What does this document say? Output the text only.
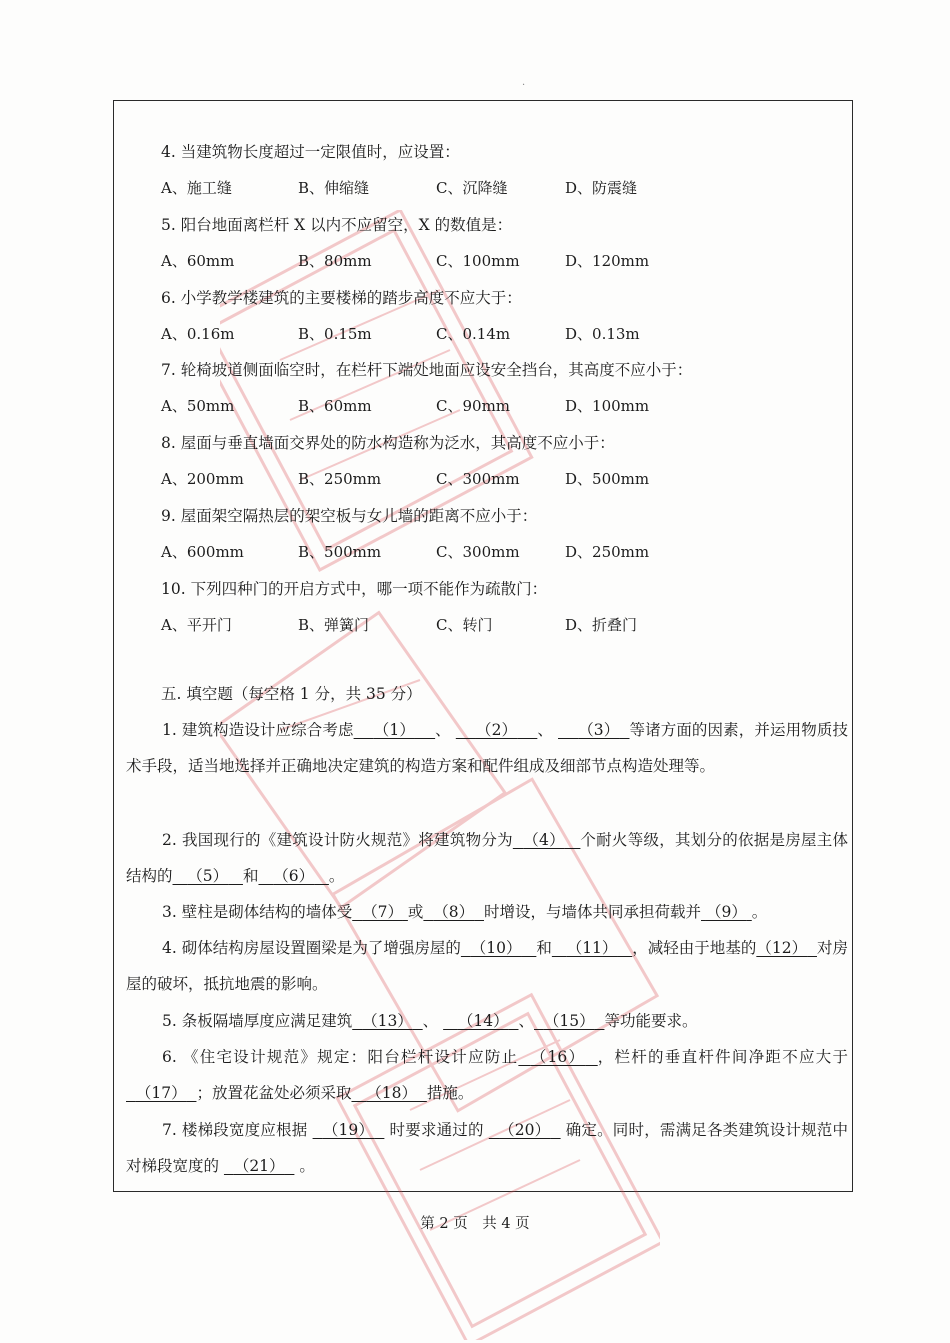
·
4. 当建筑物长度超过一定限值时，应设置：
A、施工缝	B、伸缩缝	C、沉降缝	D、防震缝
5. 阳台地面离栏杆 X 以内不应留空，X 的数值是：
A、60mm	B、80mm	C、100mm	D、120mm
6. 小学教学楼建筑的主要楼梯的踏步高度不应大于：
A、0.16m	B、0.15m	C、0.14m	D、0.13m
7. 轮椅坡道侧面临空时，在栏杆下端处地面应设安全挡台，其高度不应小于：
A、50mm	B、60mm	C、90mm	D、100mm
8. 屋面与垂直墙面交界处的防水构造称为泛水，其高度不应小于：
A、200mm	B、250mm	C、300mm	D、500mm
9. 屋面架空隔热层的架空板与女儿墙的距离不应小于：
A、600mm	B、500mm	C、300mm	D、250mm
10. 下列四种门的开启方式中，哪一项不能作为疏散门：
A、平开门	B、弹簧门	C、转门	D、折叠门
五. 填空题（每空格 1 分，共 35 分）
1. 建筑构造设计应综合考虑 （1） 、 （2） 、 （3） 等诸方面的因素，并运用物质技术手段，适当地选择并正确地决定建筑的构造方案和配件组成及细部节点构造处理等。
2. 我国现行的《建筑设计防火规范》将建筑物分为 （4） 个耐火等级，其划分的依据是房屋主体结构的 （5） 和 （6） 。
3. 壁柱是砌体结构的墙体受 （7） 或 （8） 时增设，与墙体共同承担荷载并 （9） 。
4. 砌体结构房屋设置圈梁是为了增强房屋的 （10） 和 （11） ，减轻由于地基的（12） 对房屋的破坏，抵抗地震的影响。
5. 条板隔墙厚度应满足建筑 （13） 、 （14） 、 （15） 等功能要求。
6. 《住宅设计规范》规定：阳台栏杆设计应防止 （16） ，栏杆的垂直杆件间净距不应大于  （17） ；放置花盆处必须采取 （18） 措施。
7. 楼梯段宽度应根据 （19） 时要求通过的 （20） 确定。同时，需满足各类建筑设计规范中对梯段宽度的 （21） 。
第 2 页　共 4 页
